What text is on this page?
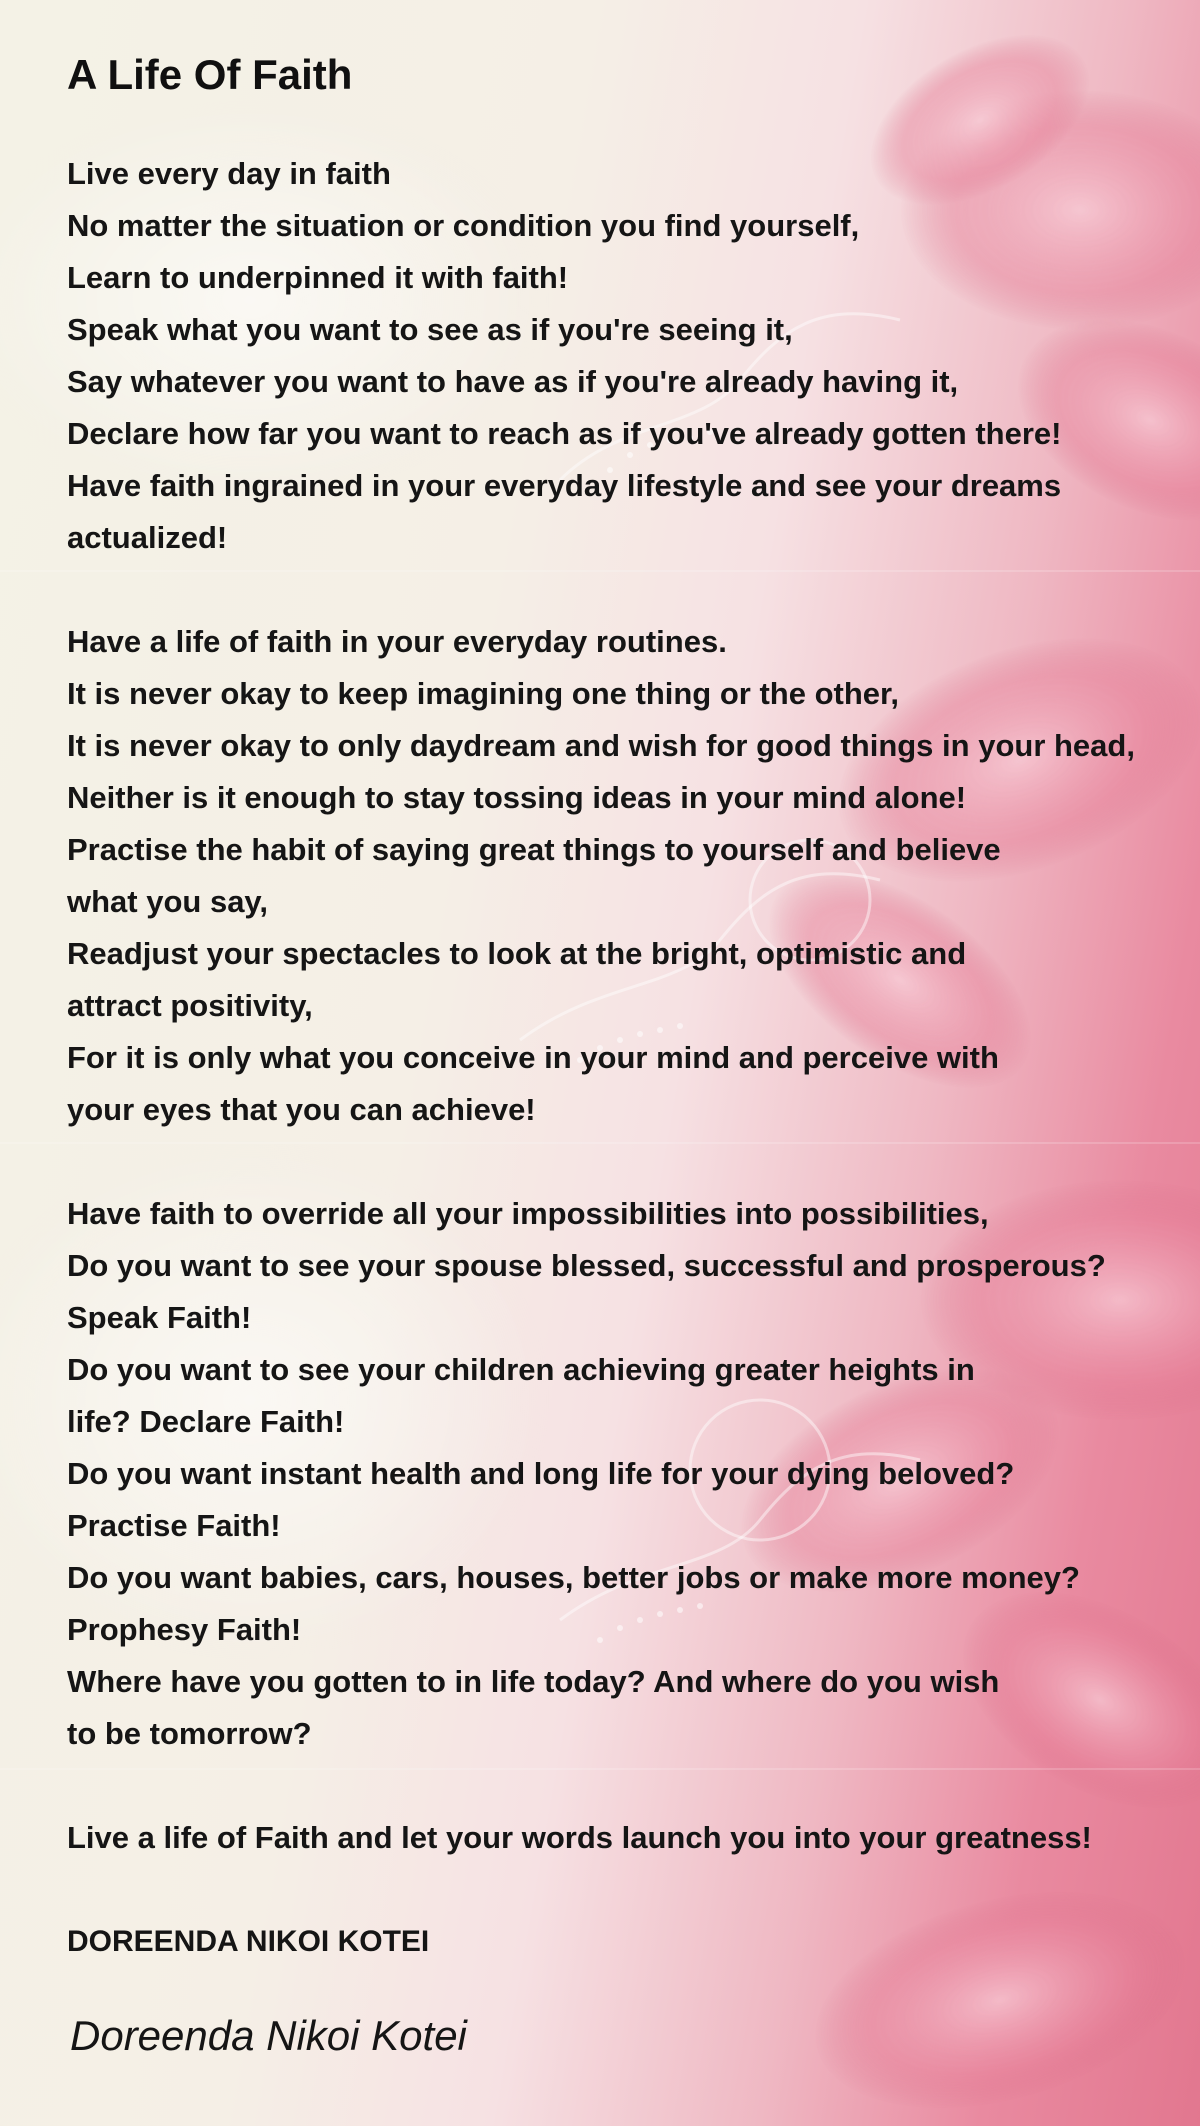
A Life Of Faith
Live every day in faith
No matter the situation or condition you find yourself,
Learn to underpinned it with faith!
Speak what you want to see as if you're seeing it,
Say whatever you want to have as if you're already having it,
Declare how far you want to reach as if you've already gotten there!
Have faith ingrained in your everyday lifestyle and see your dreams
actualized!
Have a life of faith in your everyday routines.
It is never okay to keep imagining one thing or the other,
It is never okay to only daydream and wish for good things in your head,
Neither is it enough to stay tossing ideas in your mind alone!
Practise the habit of saying great things to yourself and believe
what you say,
Readjust your spectacles to look at the bright, optimistic and
attract positivity,
For it is only what you conceive in your mind and perceive with
your eyes that you can achieve!
Have faith to override all your impossibilities into possibilities,
Do you want to see your spouse blessed, successful and prosperous?
Speak Faith!
Do you want to see your children achieving greater heights in
life? Declare Faith!
Do you want instant health and long life for your dying beloved?
Practise Faith!
Do you want babies, cars, houses, better jobs or make more money?
Prophesy Faith!
Where have you gotten to in life today? And where do you wish
to be tomorrow?
Live a life of Faith and let your words launch you into your greatness!
DOREENDA NIKOI KOTEI
Doreenda Nikoi Kotei
